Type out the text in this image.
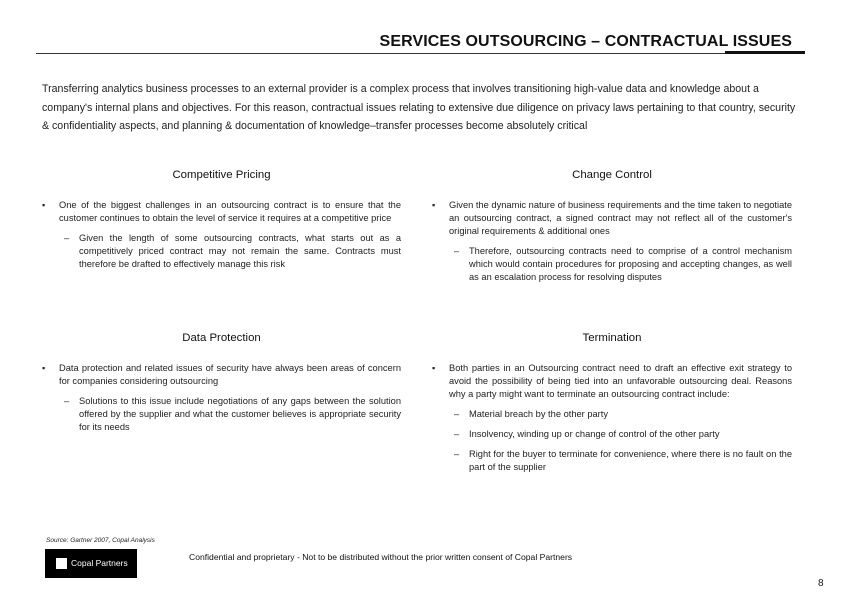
SERVICES OUTSOURCING – CONTRACTUAL ISSUES
Transferring analytics business processes to an external provider is a complex process that involves transitioning high-value data and knowledge about a company's internal plans and objectives. For this reason, contractual issues relating to extensive due diligence on privacy laws pertaining to that country, security & confidentiality aspects, and planning & documentation of knowledge–transfer processes become absolutely critical
Competitive Pricing
▪ One of the biggest challenges in an outsourcing contract is to ensure that the customer continues to obtain the level of service it requires at a competitive price
– Given the length of some outsourcing contracts, what starts out as a competitively priced contract may not remain the same. Contracts must therefore be drafted to effectively manage this risk
Change Control
▪ Given the dynamic nature of business requirements and the time taken to negotiate an outsourcing contract, a signed contract may not reflect all of the customer's original requirements & additional ones
– Therefore, outsourcing contracts need to comprise of a control mechanism which would contain procedures for proposing and accepting changes, as well as an escalation process for resolving disputes
Data Protection
▪ Data protection and related issues of security have always been areas of concern for companies considering outsourcing
– Solutions to this issue include negotiations of any gaps between the solution offered by the supplier and what the customer believes is appropriate security for its needs
Termination
▪ Both parties in an Outsourcing contract need to draft an effective exit strategy to avoid the possibility of being tied into an unfavorable outsourcing deal. Reasons why a party might want to terminate an outsourcing contract include:
– Material breach by the other party
– Insolvency, winding up or change of control of the other party
– Right for the buyer to terminate for convenience, where there is no fault on the part of the supplier
Source: Gartner 2007, Copal Analysis
Copal Partners
Confidential and proprietary - Not to be distributed without the prior written consent of Copal Partners
8
